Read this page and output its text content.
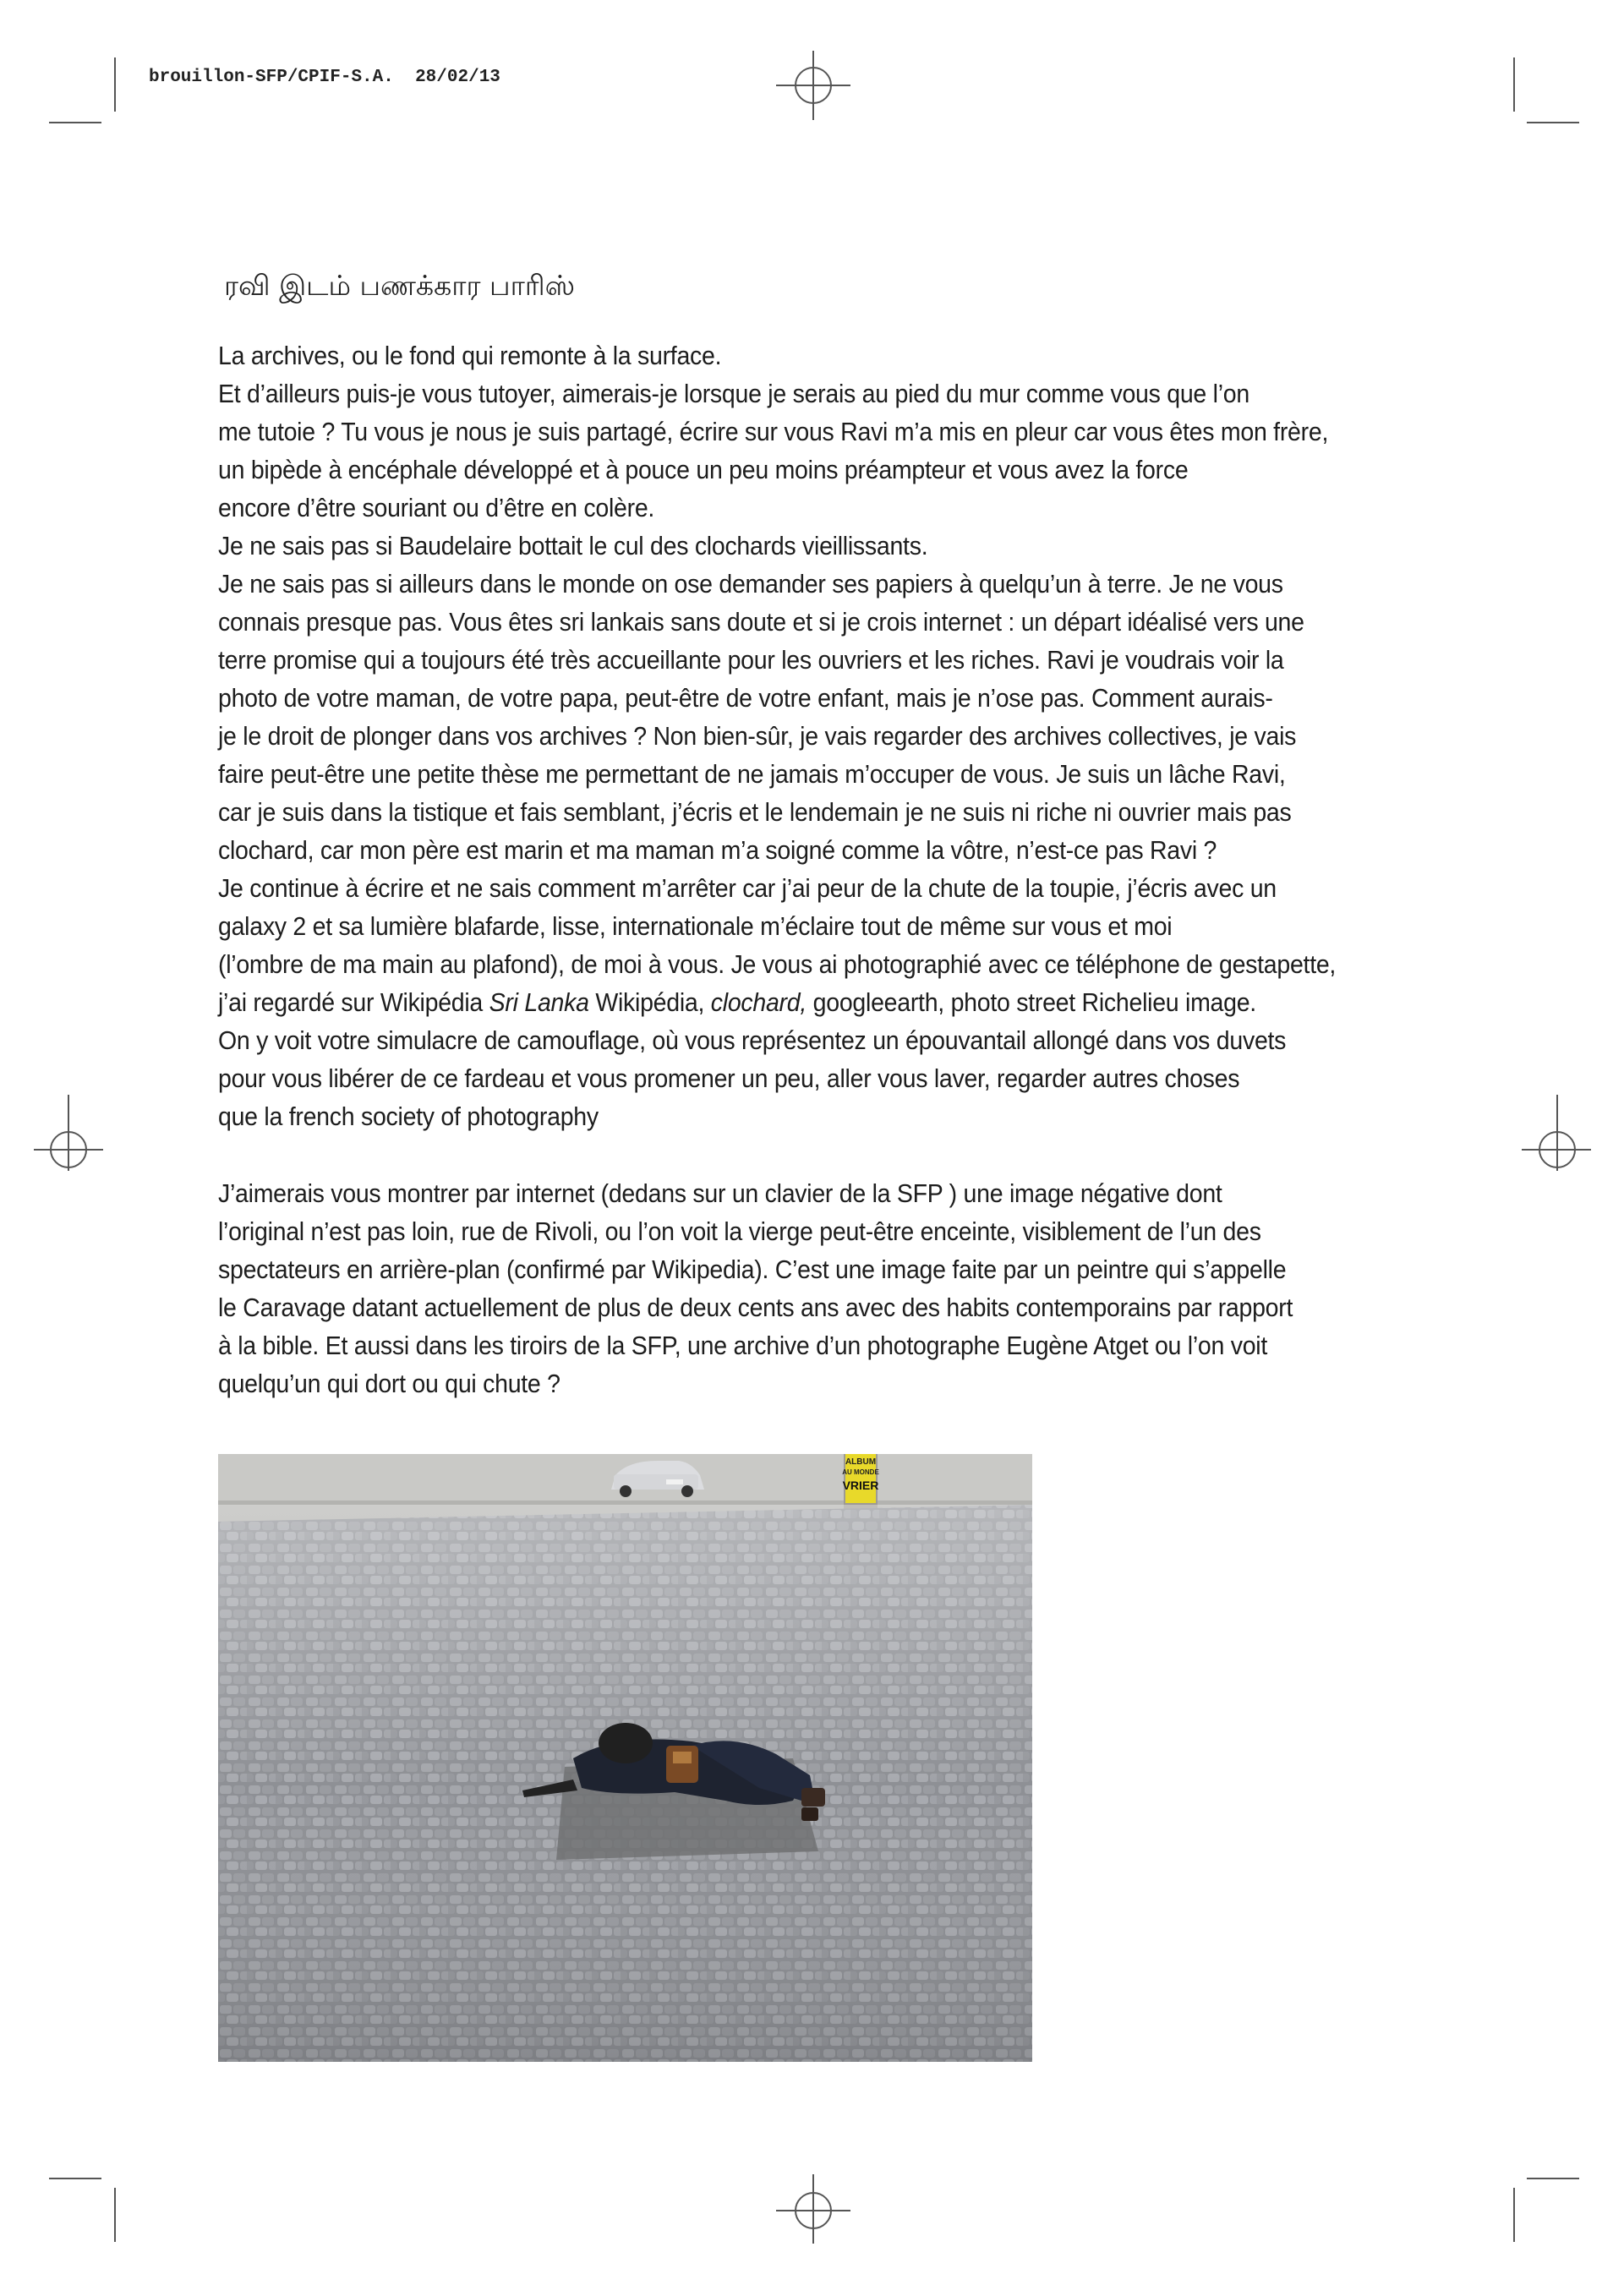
brouillon-SFP/CPIF-S.A. 28/02/13
ரவி இடம் பணக்கார பாரிஸ்
La archives, ou le fond qui remonte à la surface.
Et d’ailleurs puis-je vous tutoyer, aimerais-je lorsque je serais au pied du mur comme vous que l’on
me tutoie ? Tu vous je nous je suis partagé, écrire sur vous Ravi m’a mis en pleur car vous êtes mon frère,
un bipède à encéphale développé et à pouce un peu moins préampteur et vous avez la force
encore d’être souriant ou d’être en colère.
Je ne sais pas si Baudelaire bottait le cul des clochards vieillissants.
Je ne sais pas si ailleurs dans le monde on ose demander ses papiers à quelqu’un à terre. Je ne vous
connais presque pas. Vous êtes sri lankais sans doute et si je crois internet : un départ idéalisé vers une
terre promise qui a toujours été très accueillante pour les ouvriers et les riches. Ravi je voudrais voir la
photo de votre maman, de votre papa, peut-être de votre enfant, mais je n’ose pas. Comment aurais-
je le droit de plonger dans vos archives ? Non bien-sûr, je vais regarder des archives collectives, je vais
faire peut-être une petite thèse me permettant de ne jamais m’occuper de vous. Je suis un lâche Ravi,
car je suis dans la tistique et fais semblant, j’écris et le lendemain je ne suis ni riche ni ouvrier mais pas
clochard, car mon père est marin et ma maman m’a soigné comme la vôtre, n’est-ce pas Ravi ?
Je continue à écrire et ne sais comment m’arrêter car j’ai peur de la chute de la toupie, j’écris avec un
galaxy 2 et sa lumière blafarde, lisse, internationale m’éclaire tout de même sur vous et moi
(l’ombre de ma main au plafond), de moi à vous. Je vous ai photographié avec ce téléphone de gestapette,
j’ai regardé sur Wikipédia Sri Lanka Wikipédia, clochard, googleearth, photo street Richelieu image.
On y voit votre simulacre de camouflage, où vous représentez un épouvantail allongé dans vos duvets
pour vous libérer de ce fardeau et vous promener un peu, aller vous laver, regarder autres choses
que la french society of photography
J’aimerais vous montrer par internet (dedans sur un clavier de la SFP ) une image négative dont
l’original n’est pas loin, rue de Rivoli, ou l’on voit la vierge peut-être enceinte, visiblement de l’un des
spectateurs en arrière-plan (confirmé par Wikipedia). C’est une image faite par un peintre qui s’appelle
le Caravage datant actuellement de plus de deux cents ans avec des habits contemporains par rapport
à la bible. Et aussi dans les tiroirs de la SFP, une archive d’un photographe Eugène Atget ou l’on voit
quelqu’un qui dort ou qui chute ?
ALBUM
AU MONDE
VRIER
